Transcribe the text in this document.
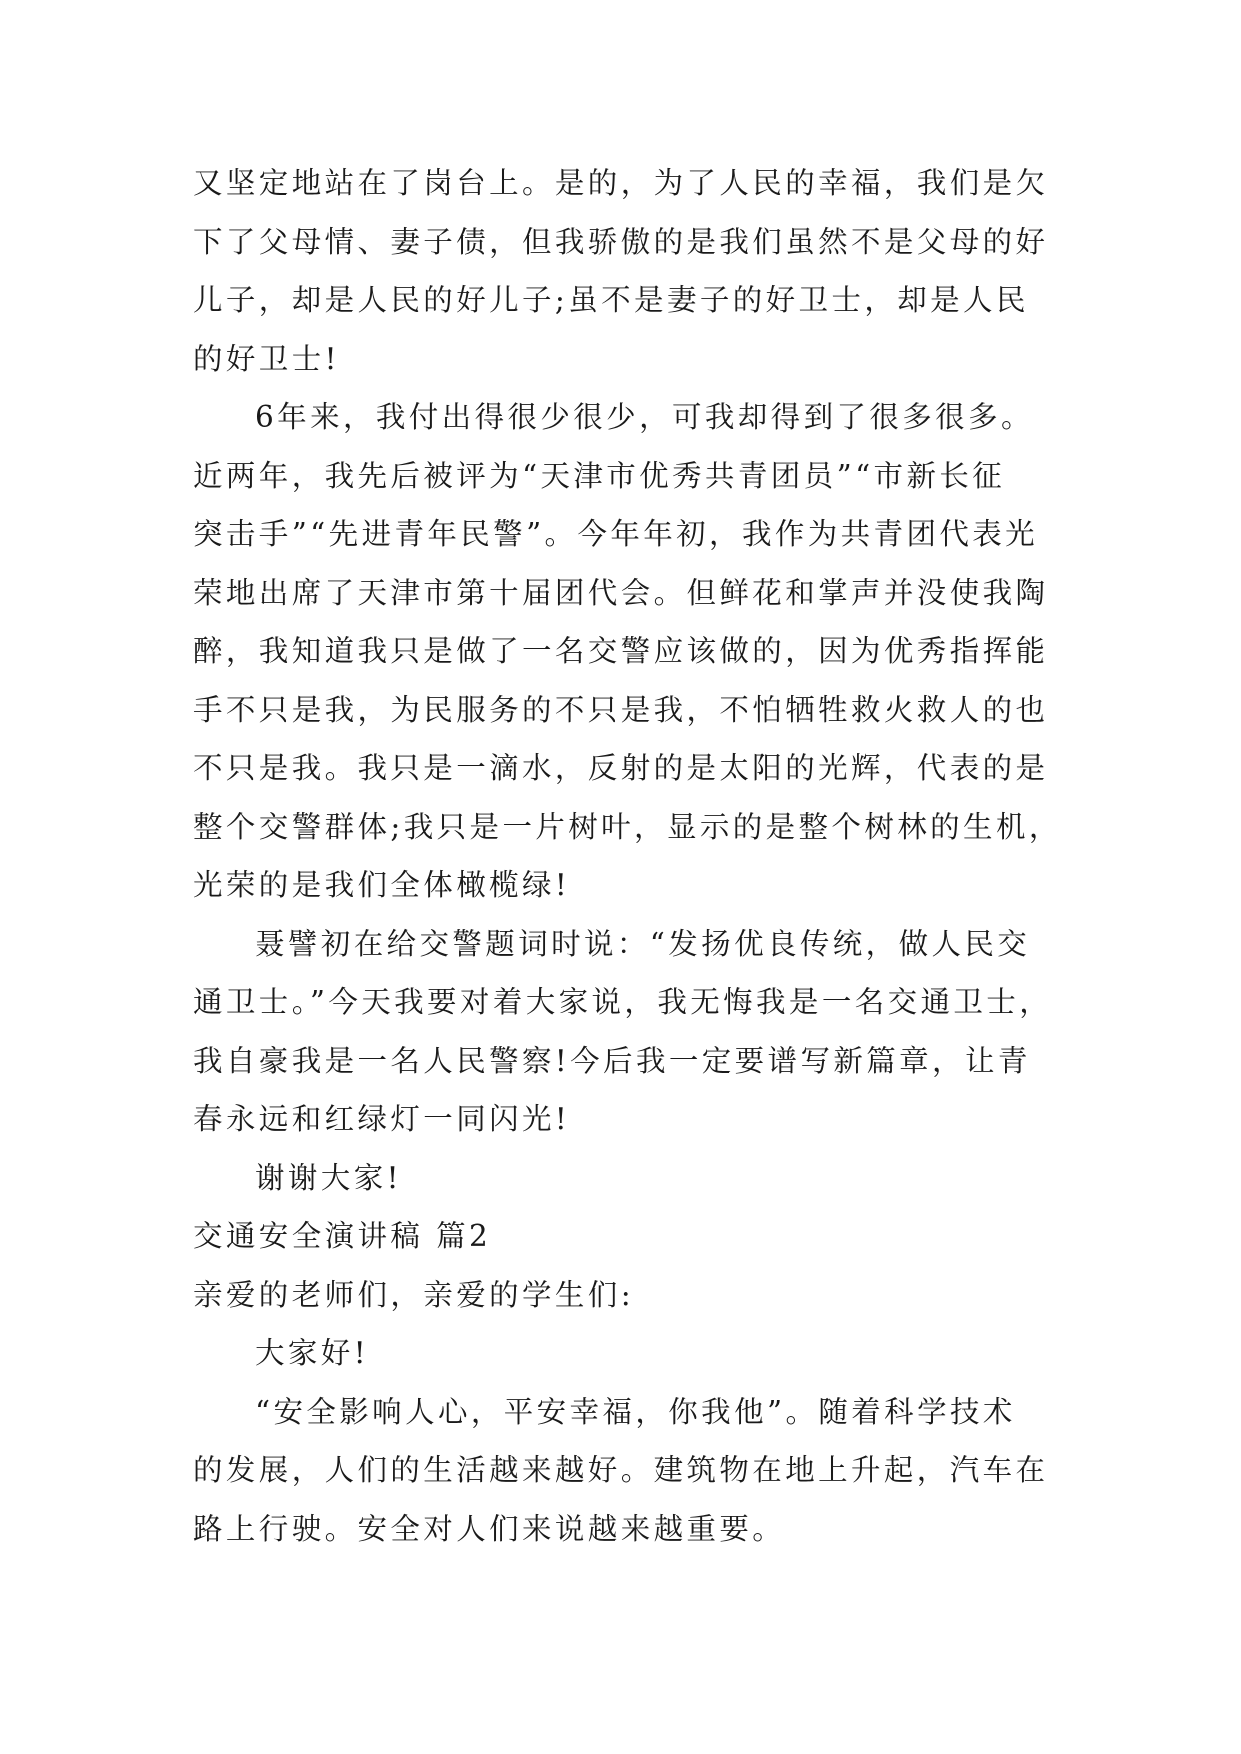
又坚定地站在了岗台上。是的，为了人民的幸福，我们是欠
下了父母情、妻子债，但我骄傲的是我们虽然不是父母的好
儿子，却是人民的好儿子;虽不是妻子的好卫士，却是人民
的好卫士!
6年来，我付出得很少很少，可我却得到了很多很多。
近两年，我先后被评为“天津市优秀共青团员”“市新长征
突击手”“先进青年民警”。今年年初，我作为共青团代表光
荣地出席了天津市第十届团代会。但鲜花和掌声并没使我陶
醉，我知道我只是做了一名交警应该做的，因为优秀指挥能
手不只是我，为民服务的不只是我，不怕牺牲救火救人的也
不只是我。我只是一滴水，反射的是太阳的光辉，代表的是
整个交警群体;我只是一片树叶，显示的是整个树林的生机，
光荣的是我们全体橄榄绿!
聂譬初在给交警题词时说：“发扬优良传统，做人民交
通卫士。”今天我要对着大家说，我无悔我是一名交通卫士，
我自豪我是一名人民警察!今后我一定要谱写新篇章，让青
春永远和红绿灯一同闪光!
谢谢大家!
交通安全演讲稿 篇2
亲爱的老师们，亲爱的学生们:
大家好!
“安全影响人心，平安幸福，你我他”。随着科学技术
的发展，人们的生活越来越好。建筑物在地上升起，汽车在
路上行驶。安全对人们来说越来越重要。
